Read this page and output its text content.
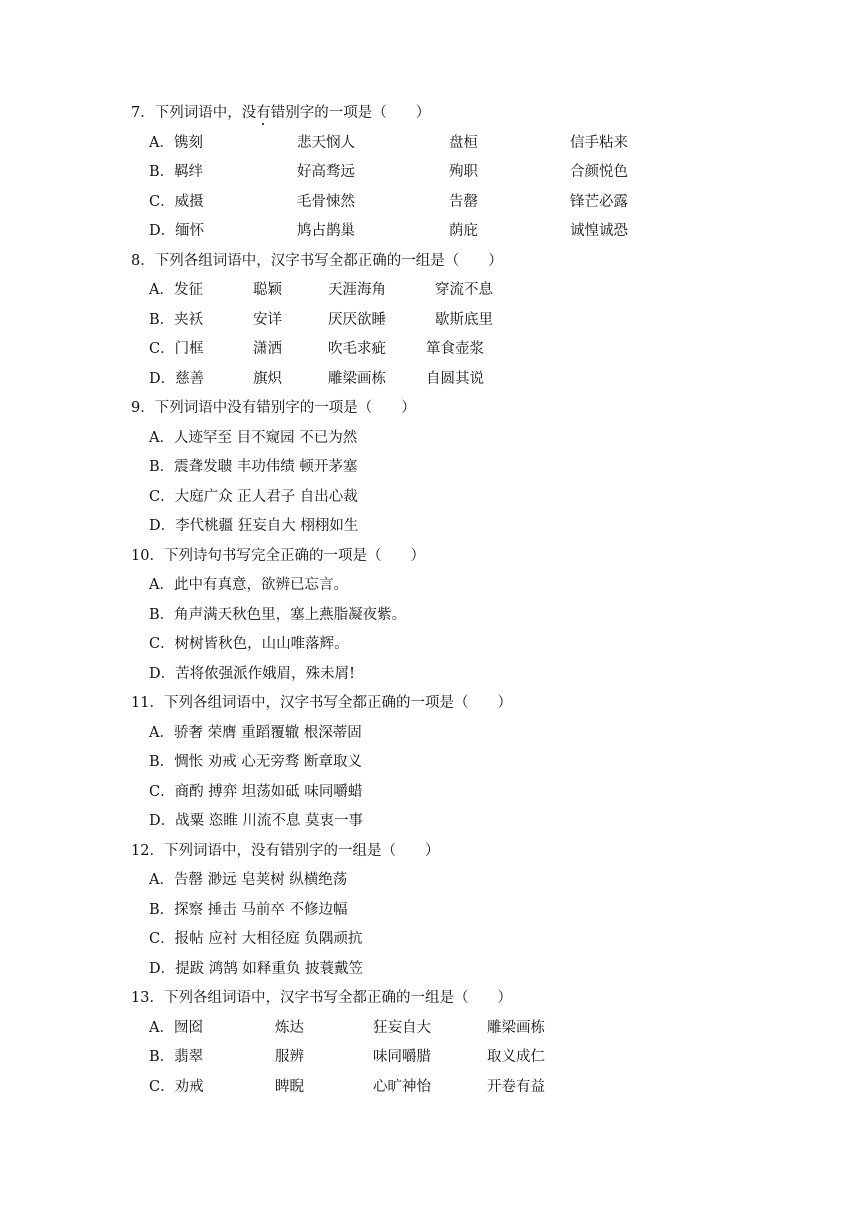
7．下列词语中，没有错别字的一项是（　　）
A．镌刻	悲天悯人	盘桓	信手粘来
B．羁绊	好高骛远	殉职	合颜悦色
C．威摄	毛骨悚然	告罄	锋芒必露
D．缅怀	鸠占鹊巢	荫庇	诚惶诚恐
8．下列各组词语中，汉字书写全都正确的一组是（　　）
A．发征	聪颖	天涯海角	穿流不息
B．夹袄	安详	厌厌欲睡	歇斯底里
C．门框	潇洒	吹毛求疵	箪食壶浆
D．慈善	旗炽	雕梁画栋	自圆其说
9．下列词语中没有错别字的一项是（　　）
A．人迹罕至 目不窥园 不已为然
B．震聋发聩 丰功伟绩 顿开茅塞
C．大庭广众 正人君子 自出心裁
D．李代桃疆 狂妄自大 栩栩如生
10．下列诗句书写完全正确的一项是（　　）
A．此中有真意，欲辨已忘言。
B．角声满天秋色里，塞上燕脂凝夜紫。
C．树树皆秋色，山山唯落辉。
D．苦将侬强派作娥眉，殊未屑!
11．下列各组词语中，汉字书写全都正确的一项是（　　）
A．骄奢 荣膺 重蹈覆辙 根深蒂固
B．惆怅 劝戒 心无旁骛 断章取义
C．商酌 搏弈 坦荡如砥 味同嚼蜡
D．战粟 恣睢 川流不息 莫衷一事
12．下列词语中，没有错别字的一组是（　　）
A．告罄 渺远 皂荚树 纵横绝荡
B．探察 捶击 马前卒 不修边幅
C．报帖 应衬 大相径庭 负隅顽抗
D．提跋 鸿鹄 如释重负 披蓑戴笠
13．下列各组词语中，汉字书写全都正确的一组是（　　）
A．囫囵	炼达	狂妄自大	雕梁画栋
B．翡翠	服辨	味同嚼腊	取义成仁
C．劝戒	睥睨	心旷神怡	开卷有益
